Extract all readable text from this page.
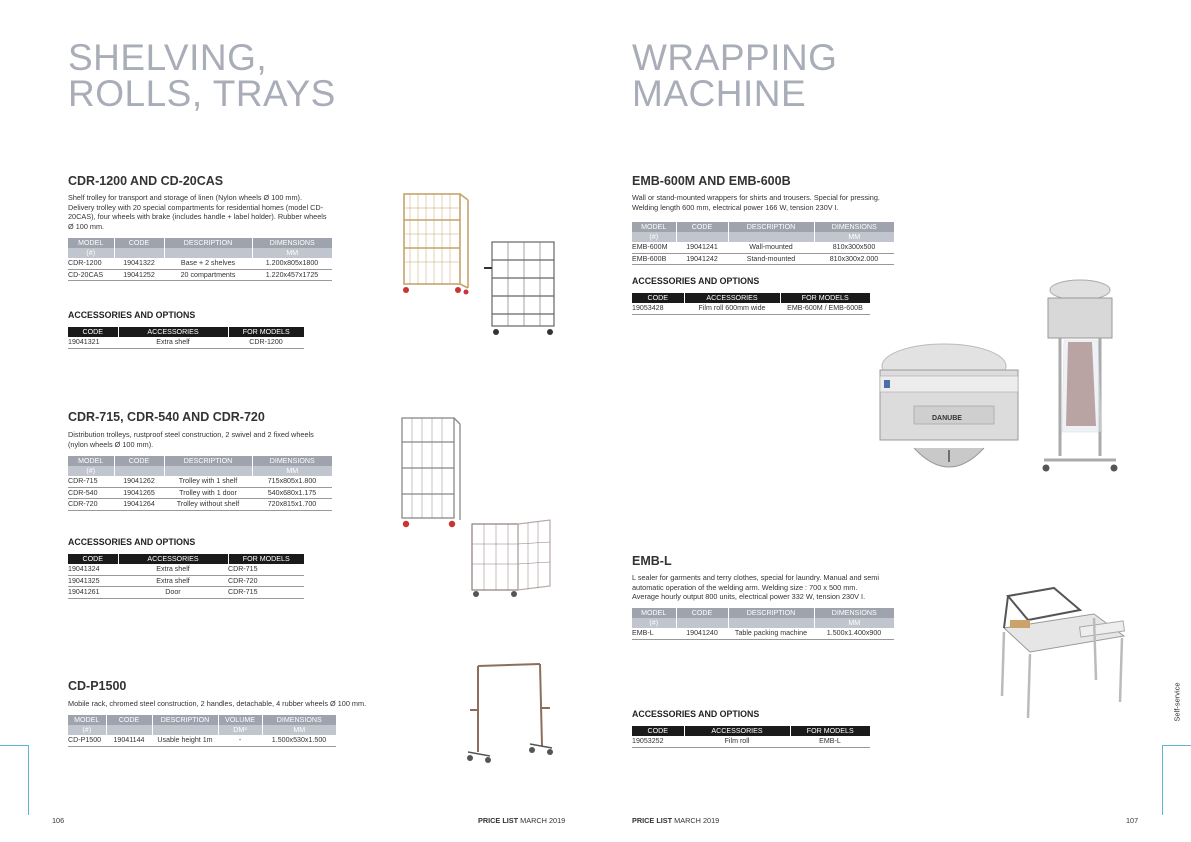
SHELVING,
ROLLS, TRAYS
CDR-1200 AND CD-20CAS
Shelf trolley for transport and storage of linen (Nylon wheels Ø 100 mm).
Delivery trolley with 20 special compartments for residential homes (model CD-
20CAS), four wheels with brake (includes handle + label holder). Rubber wheels
Ø 100 mm.
MODEL	CODE	DESCRIPTION	DIMENSIONS
(#)			MM
CDR-1200	19041322	Base + 2 shelves	1.200x805x1800
CD-20CAS	19041252	20 compartments	1.220x457x1725
ACCESSORIES AND OPTIONS
CODE	ACCESSORIES	FOR MODELS
19041321	Extra shelf	CDR-1200
CDR-715, CDR-540 AND CDR-720
Distribution trolleys, rustproof steel construction, 2 swivel and 2 fixed wheels
(nylon wheels Ø 100 mm).
MODEL	CODE	DESCRIPTION	DIMENSIONS
(#)			MM
CDR-715	19041262	Trolley with 1 shelf	715x805x1.800
CDR-540	19041265	Trolley with 1 door	540x680x1.175
CDR-720	19041264	Trolley without shelf	720x815x1.700
ACCESSORIES AND OPTIONS
CODE	ACCESSORIES	FOR MODELS
19041324	Extra shelf	CDR-715
19041325	Extra shelf	CDR-720
19041261	Door	CDR-715
CD-P1500
Mobile rack, chromed steel construction, 2 handles, detachable, 4 rubber wheels Ø 100 mm.
MODEL	CODE	DESCRIPTION	VOLUME	DIMENSIONS
(#)			DM³	MM
CD-P1500	19041144	Usable height 1m	-	1.500x530x1.500
106	PRICE LIST MARCH 2019
WRAPPING
MACHINE
EMB-600M AND EMB-600B
Wall or stand-mounted wrappers for shirts and trousers. Special for pressing.
Welding length 600 mm, electrical power 166 W, tension 230V I.
MODEL	CODE	DESCRIPTION	DIMENSIONS
(#)			MM
EMB-600M	19041241	Wall-mounted	810x300x500
EMB-600B	19041242	Stand-mounted	810x300x2.000
ACCESSORIES AND OPTIONS
CODE	ACCESSORIES	FOR MODELS
19053428	Film roll 600mm wide	EMB-600M / EMB-600B
DANUBE
EMB-L
L sealer for garments and terry clothes, special for laundry. Manual and semi
automatic operation of the welding arm. Welding size : 700 x 500 mm.
Average hourly output 800 units, electrical power 332 W, tension 230V I.
MODEL	CODE	DESCRIPTION	DIMENSIONS
(#)			MM
EMB-L	19041240	Table packing machine	1.500x1.400x900
ACCESSORIES AND OPTIONS
CODE	ACCESSORIES	FOR MODELS
19053252	Film roll	EMB-L
Self-service
PRICE LIST MARCH 2019	107
